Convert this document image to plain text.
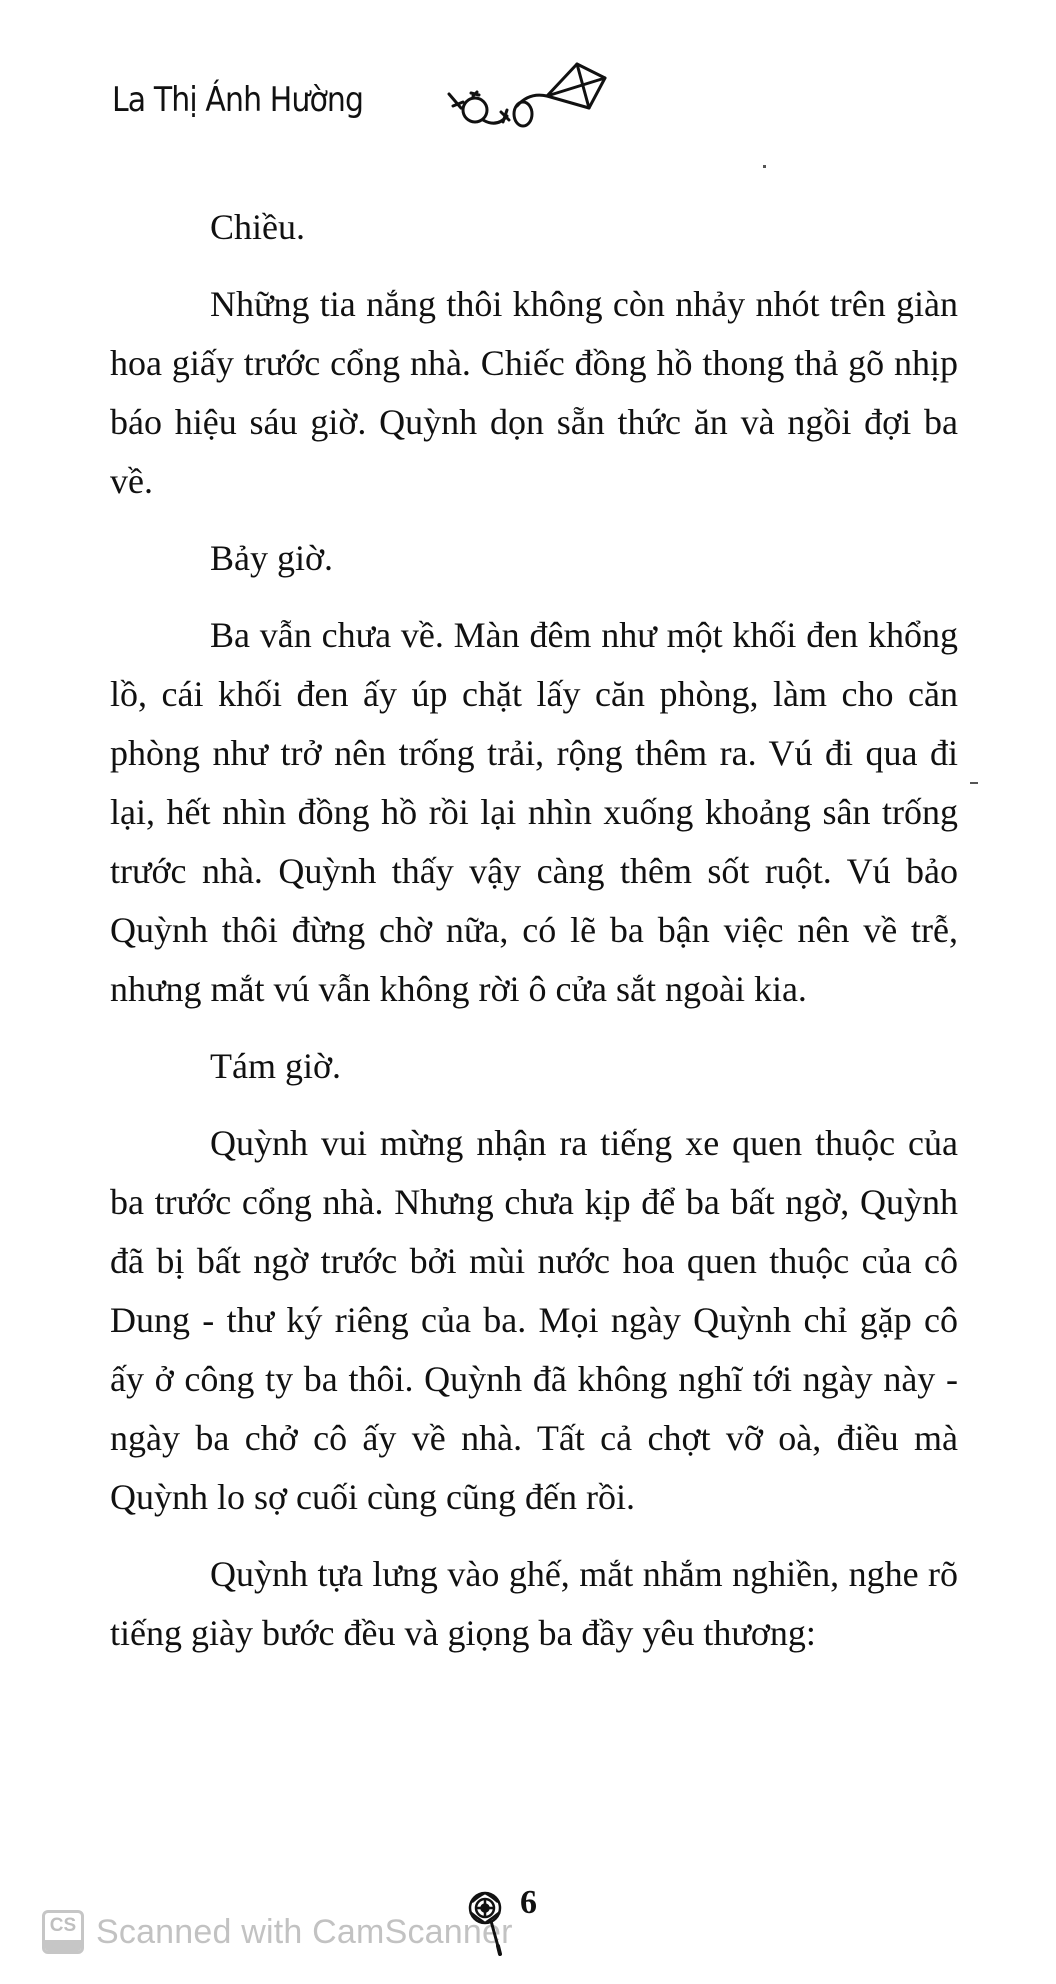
La Thị Ánh Hường

Chiều.

Những tia nắng thôi không còn nhảy nhót trên giàn hoa giấy trước cổng nhà. Chiếc đồng hồ thong thả gõ nhịp báo hiệu sáu giờ. Quỳnh dọn sẵn thức ăn và ngồi đợi ba về.

Bảy giờ.

Ba vẫn chưa về. Màn đêm như một khối đen khổng lồ, cái khối đen ấy úp chặt lấy căn phòng, làm cho căn phòng như trở nên trống trải, rộng thêm ra. Vú đi qua đi lại, hết nhìn đồng hồ rồi lại nhìn xuống khoảng sân trống trước nhà. Quỳnh thấy vậy càng thêm sốt ruột. Vú bảo Quỳnh thôi đừng chờ nữa, có lẽ ba bận việc nên về trễ, nhưng mắt vú vẫn không rời ô cửa sắt ngoài kia.

Tám giờ.

Quỳnh vui mừng nhận ra tiếng xe quen thuộc của ba trước cổng nhà. Nhưng chưa kịp để ba bất ngờ, Quỳnh đã bị bất ngờ trước bởi mùi nước hoa quen thuộc của cô Dung - thư ký riêng của ba. Mọi ngày Quỳnh chỉ gặp cô ấy ở công ty ba thôi. Quỳnh đã không nghĩ tới ngày này - ngày ba chở cô ấy về nhà. Tất cả chợt vỡ oà, điều mà Quỳnh lo sợ cuối cùng cũng đến rồi.

Quỳnh tựa lưng vào ghế, mắt nhắm nghiền, nghe rõ tiếng giày bước đều và giọng ba đầy yêu thương:

CS Scanned with CamScanner
6
